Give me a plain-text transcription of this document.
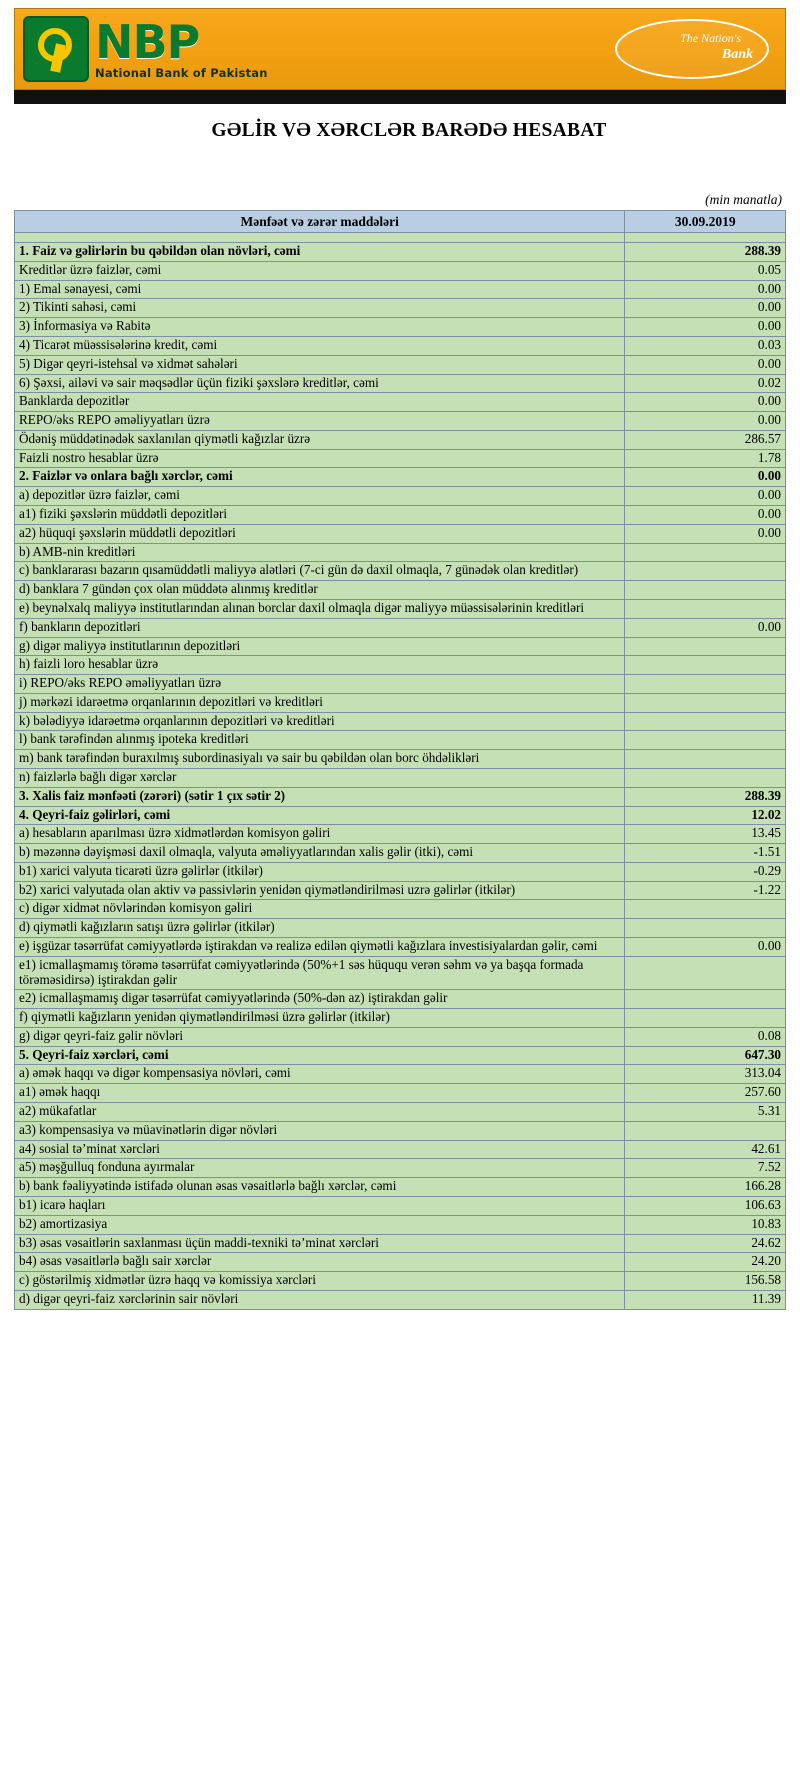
NBP
National Bank of Pakistan
The Nation's
Bank
GƏLİR VƏ XƏRCLƏR BARƏDƏ HESABAT
(min manatla)
Mənfəət və zərər maddələri	30.09.2019

1. Faiz və gəlirlərin bu qəbildən olan növləri, cəmi	288.39
Kreditlər üzrə faizlər, cəmi	0.05
1) Emal sənayesi, cəmi	0.00
2) Tikinti sahəsi, cəmi	0.00
3) İnformasiya və Rabitə	0.00
4) Ticarət müəssisələrinə kredit, cəmi	0.03
5) Digər qeyri-istehsal və xidmət sahələri	0.00
6) Şəxsi, ailəvi və sair məqsədlər üçün fiziki şəxslərə kreditlər, cəmi	0.02
Banklarda depozitlər	0.00
REPO/əks REPO əməliyyatları üzrə	0.00
Ödəniş müddətinədək saxlanılan qiymətli kağızlar üzrə	286.57
Faizli nostro hesablar üzrə	1.78
2. Faizlər və onlara bağlı xərclər, cəmi	0.00
a) depozitlər üzrə faizlər, cəmi	0.00
a1) fiziki şəxslərin müddətli depozitləri	0.00
a2) hüquqi şəxslərin müddətli depozitləri	0.00
b) AMB-nin kreditləri	
c) banklararası bazarın qısamüddətli maliyyə alətləri (7-ci gün də daxil olmaqla, 7 günədək olan kreditlər)	
d) banklara 7 gündən çox olan müddətə alınmış kreditlər	
e) beynəlxalq maliyyə institutlarından alınan borclar daxil olmaqla digər maliyyə müəssisələrinin kreditləri	
f) bankların depozitləri	0.00
g) digər maliyyə institutlarının depozitləri	
h) faizli loro hesablar üzrə	
i) REPO/əks REPO əməliyyatları üzrə	
j) mərkəzi idarəetmə orqanlarının depozitləri və kreditləri	
k) bələdiyyə idarəetmə orqanlarının depozitləri və kreditləri	
l) bank tərəfindən alınmış ipoteka kreditləri	
m) bank tərəfindən buraxılmış subordinasiyalı və sair bu qəbildən olan borc öhdəlikləri	
n) faizlərlə bağlı digər xərclər	
3. Xalis faiz mənfəəti (zərəri) (sətir 1 çıx sətir 2)	288.39
4. Qeyri-faiz gəlirləri, cəmi	12.02
a) hesabların aparılması üzrə xidmətlərdən komisyon gəliri	13.45
b) məzənnə dəyişməsi daxil olmaqla, valyuta əməliyyatlarından xalis gəlir (itki), cəmi	-1.51
b1) xarici valyuta ticarəti üzrə gəlirlər (itkilər)	-0.29
b2) xarici valyutada olan aktiv və passivlərin yenidən qiymətləndirilməsi uzrə gəlirlər (itkilər)	-1.22
c) digər xidmət növlərindən komisyon gəliri	
d) qiymətli kağızların satışı üzrə gəlirlər (itkilər)	
e) işgüzar təsərrüfat cəmiyyətlərdə iştirakdan və realizə edilən qiymətli kağızlara investisiyalardan gəlir, cəmi	0.00
e1) icmallaşmamış törəmə təsərrüfat cəmiyyətlərində (50%+1 səs hüququ verən səhm və ya başqa formada törəməsidirsə) iştirakdan gəlir	
e2) icmallaşmamış digər təsərrüfat cəmiyyətlərində (50%-dən az) iştirakdan gəlir	
f) qiymətli kağızların yenidən qiymətləndirilməsi üzrə gəlirlər (itkilər)	
g) digər qeyri-faiz gəlir növləri	0.08
5. Qeyri-faiz xərcləri, cəmi	647.30
a) əmək haqqı və digər kompensasiya növləri, cəmi	313.04
a1) əmək haqqı	257.60
a2) mükafatlar	5.31
a3) kompensasiya və müavinətlərin digər növləri	
a4) sosial tə’minat xərcləri	42.61
a5) məşğulluq fonduna ayırmalar	7.52
b) bank fəaliyyətində istifadə olunan əsas vəsaitlərlə bağlı xərclər, cəmi	166.28
b1) icarə haqları	106.63
b2) amortizasiya	10.83
b3) əsas vəsaitlərin saxlanması üçün maddi-texniki tə’minat xərcləri	24.62
b4) əsas vəsaitlərlə bağlı sair xərclər	24.20
c) göstərilmiş xidmətlər üzrə haqq və komissiya xərcləri	156.58
d) digər qeyri-faiz xərclərinin sair növləri	11.39
